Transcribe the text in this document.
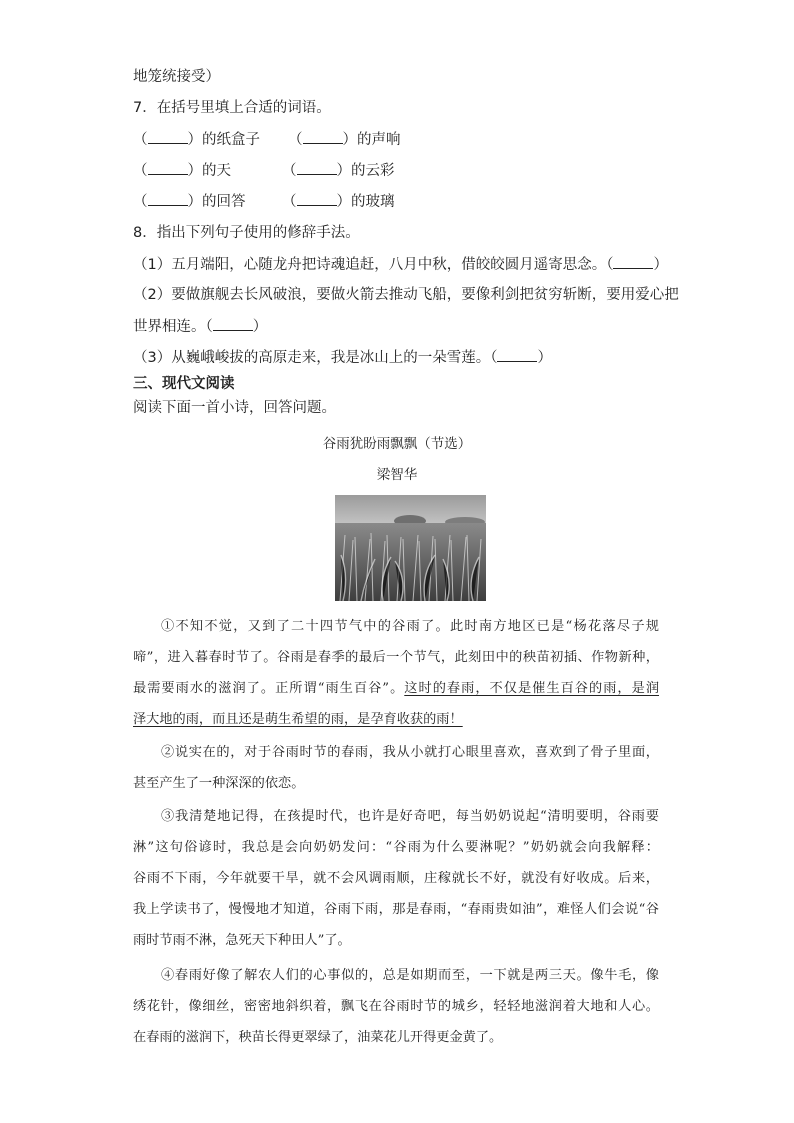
地笼统接受）
7．在括号里填上合适的词语。
（	）的纸盒子 （	）的声响
（	）的天	（	）的云彩
（	）的回答	（	）的玻璃
8．指出下列句子使用的修辞手法。
（1）五月端阳，心随龙舟把诗魂追赶，八月中秋，借皎皎圆月遥寄思念。（	）
（2）要做旗舰去长风破浪，要做火箭去推动飞船，要像利剑把贫穷斩断，要用爱心把
世界相连。（	）
（3）从巍峨峻拔的高原走来，我是冰山上的一朵雪莲。（	）
三、现代文阅读
阅读下面一首小诗，回答问题。
谷雨犹盼雨飘飘（节选）
梁智华
①不知不觉，又到了二十四节气中的谷雨了。此时南方地区已是“杨花落尽子规
啼”，进入暮春时节了。谷雨是春季的最后一个节气，此刻田中的秧苗初插、作物新种，
最需要雨水的滋润了。正所谓“雨生百谷”。这时的春雨，不仅是催生百谷的雨，是润
泽大地的雨，而且还是萌生希望的雨，是孕育收获的雨！
②说实在的，对于谷雨时节的春雨，我从小就打心眼里喜欢，喜欢到了骨子里面，
甚至产生了一种深深的依恋。
③我清楚地记得，在孩提时代，也许是好奇吧，每当奶奶说起“清明要明，谷雨要
淋”这句俗谚时，我总是会向奶奶发问：“谷雨为什么要淋呢？”奶奶就会向我解释：
谷雨不下雨，今年就要干旱，就不会风调雨顺，庄稼就长不好，就没有好收成。后来，
我上学读书了，慢慢地才知道，谷雨下雨，那是春雨，“春雨贵如油”，难怪人们会说“谷
雨时节雨不淋，急死天下种田人”了。
④春雨好像了解农人们的心事似的，总是如期而至，一下就是两三天。像牛毛，像
绣花针，像细丝，密密地斜织着，飘飞在谷雨时节的城乡，轻轻地滋润着大地和人心。
在春雨的滋润下，秧苗长得更翠绿了，油菜花儿开得更金黄了。
